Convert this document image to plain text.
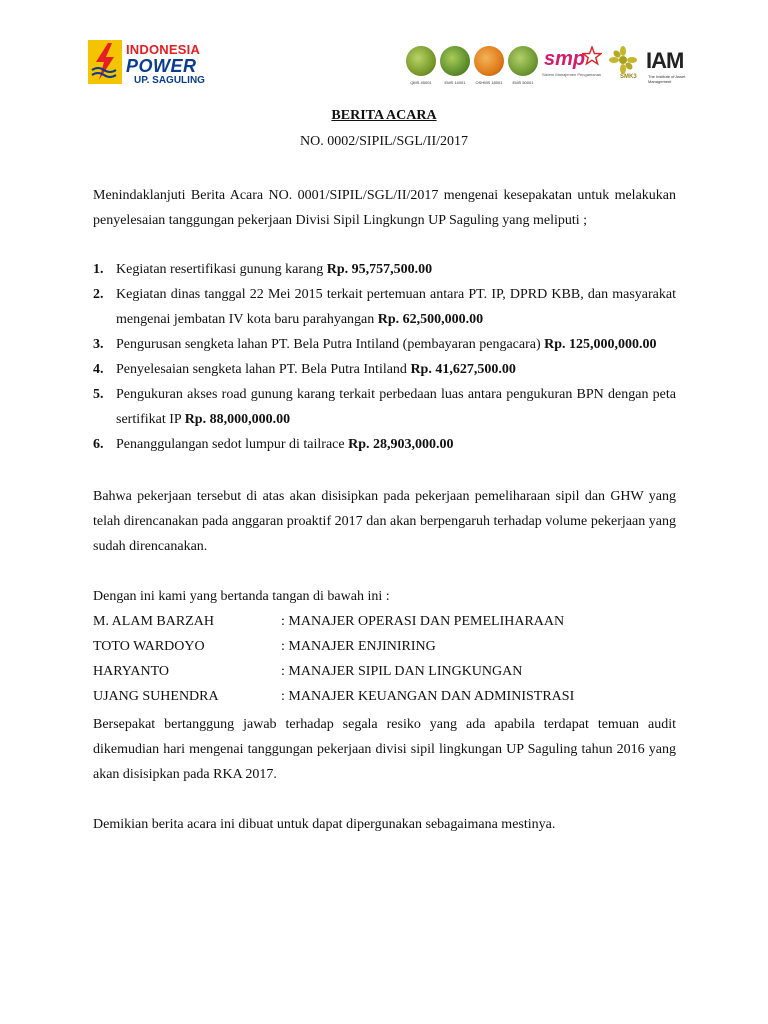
INDONESIA
POWER
UP. SAGULING	QMS 45001	EMS 14001	OSHMS 18001	EMS 50001
smp
Sistem Manajemen Pengamanan	SMK3
IAM
The Institute of Asset Management
BERITA ACARA
NO. 0002/SIPIL/SGL/II/2017
Menindaklanjuti Berita Acara NO. 0001/SIPIL/SGL/II/2017 mengenai kesepakatan untuk melakukan penyelesaian tanggungan pekerjaan Divisi Sipil Lingkungn UP Saguling yang meliputi ;
1. Kegiatan resertifikasi gunung karang Rp. 95,757,500.00
2. Kegiatan dinas tanggal 22 Mei 2015 terkait pertemuan antara PT. IP, DPRD KBB, dan masyarakat mengenai jembatan IV kota baru parahyangan Rp. 62,500,000.00
3. Pengurusan sengketa lahan PT. Bela Putra Intiland (pembayaran pengacara) Rp. 125,000,000.00
4. Penyelesaian sengketa lahan PT. Bela Putra Intiland Rp. 41,627,500.00
5. Pengukuran akses road gunung karang terkait perbedaan luas antara pengukuran BPN dengan peta sertifikat IP Rp. 88,000,000.00
6. Penanggulangan sedot lumpur di tailrace Rp. 28,903,000.00
Bahwa pekerjaan tersebut di atas akan disisipkan pada pekerjaan pemeliharaan sipil dan GHW yang telah direncanakan pada anggaran proaktif 2017 dan akan berpengaruh terhadap volume pekerjaan yang sudah direncanakan.
Dengan ini kami yang bertanda tangan di bawah ini :
M. ALAM BARZAH	: MANAJER OPERASI DAN PEMELIHARAAN
TOTO WARDOYO	: MANAJER ENJINIRING
HARYANTO	: MANAJER SIPIL DAN LINGKUNGAN
UJANG SUHENDRA	: MANAJER KEUANGAN DAN ADMINISTRASI
Bersepakat bertanggung jawab terhadap segala resiko yang ada apabila terdapat temuan audit dikemudian hari mengenai tanggungan pekerjaan divisi sipil lingkungan UP Saguling tahun 2016 yang akan disisipkan pada RKA 2017.
Demikian berita acara ini dibuat untuk dapat dipergunakan sebagaimana mestinya.
